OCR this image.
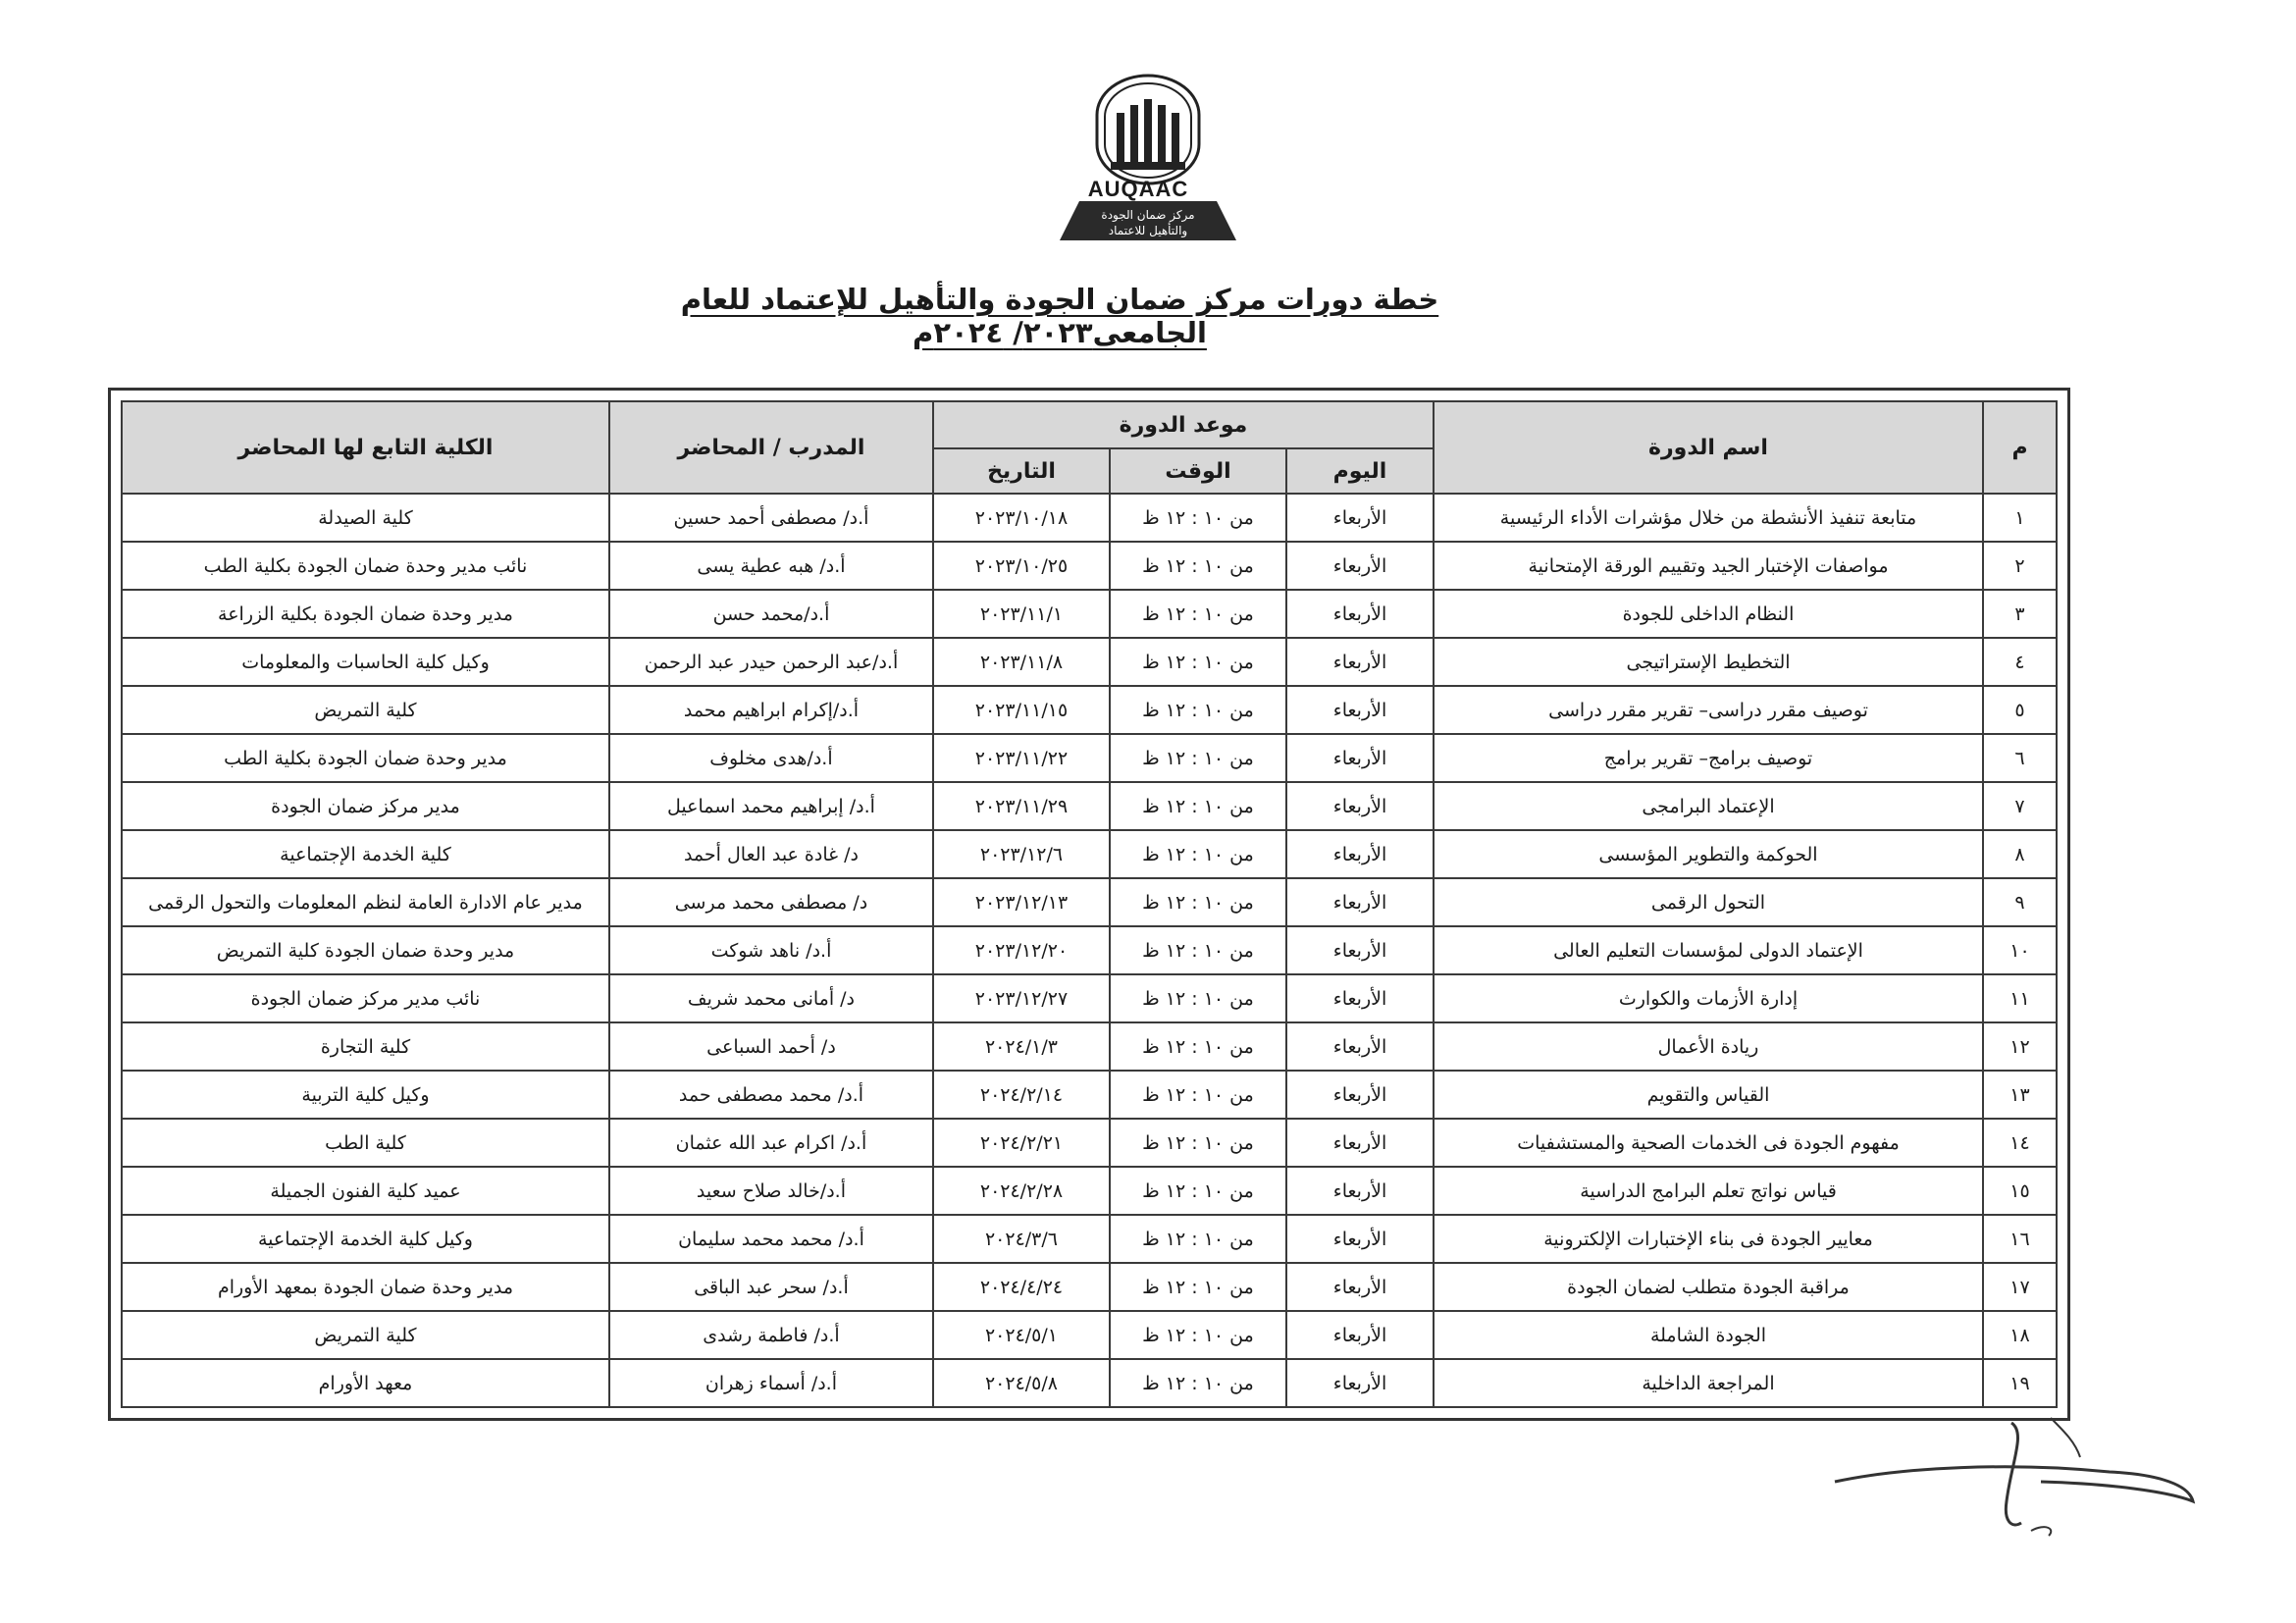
مركز ضمان الجودة
والتأهيل للاعتماد
AUQAAC
خطة دورات مركز ضمان الجودة والتأهيل للإعتماد للعام الجامعى٢٠٢٣/ ٢٠٢٤م
م	اسم الدورة	موعد الدورة			المدرب / المحاضر	الكلية التابع لها المحاضر
		اليوم	الوقت	التاريخ		
١	متابعة تنفيذ الأنشطة من خلال مؤشرات الأداء الرئيسية	الأربعاء	من ١٠ : ١٢ ظ	٢٠٢٣/١٠/١٨	أ.د/ مصطفى أحمد حسين	كلية الصيدلة
٢	مواصفات الإختبار الجيد وتقييم الورقة الإمتحانية	الأربعاء	من ١٠ : ١٢ ظ	٢٠٢٣/١٠/٢٥	أ.د/ هبه عطية يسى	نائب مدير وحدة ضمان الجودة بكلية الطب
٣	النظام الداخلى للجودة	الأربعاء	من ١٠ : ١٢ ظ	٢٠٢٣/١١/١	أ.د/محمد حسن	مدير وحدة ضمان الجودة بكلية الزراعة
٤	التخطيط الإستراتيجى	الأربعاء	من ١٠ : ١٢ ظ	٢٠٢٣/١١/٨	أ.د/عبد الرحمن حيدر عبد الرحمن	وكيل كلية الحاسبات والمعلومات
٥	توصيف مقرر دراسى– تقرير مقرر دراسى	الأربعاء	من ١٠ : ١٢ ظ	٢٠٢٣/١١/١٥	أ.د/إكرام ابراهيم محمد	كلية التمريض
٦	توصيف برامج– تقرير برامج	الأربعاء	من ١٠ : ١٢ ظ	٢٠٢٣/١١/٢٢	أ.د/هدى مخلوف	مدير وحدة ضمان الجودة بكلية الطب
٧	الإعتماد البرامجى	الأربعاء	من ١٠ : ١٢ ظ	٢٠٢٣/١١/٢٩	أ.د/ إبراهيم محمد اسماعيل	مدير مركز ضمان الجودة
٨	الحوكمة والتطوير المؤسسى	الأربعاء	من ١٠ : ١٢ ظ	٢٠٢٣/١٢/٦	د/ غادة عبد العال أحمد	كلية الخدمة الإجتماعية
٩	التحول الرقمى	الأربعاء	من ١٠ : ١٢ ظ	٢٠٢٣/١٢/١٣	د/ مصطفى محمد مرسى	مدير عام الادارة العامة لنظم المعلومات والتحول الرقمى
١٠	الإعتماد الدولى لمؤسسات التعليم العالى	الأربعاء	من ١٠ : ١٢ ظ	٢٠٢٣/١٢/٢٠	أ.د/ ناهد شوكت	مدير وحدة ضمان الجودة كلية التمريض
١١	إدارة الأزمات والكوارث	الأربعاء	من ١٠ : ١٢ ظ	٢٠٢٣/١٢/٢٧	د/ أمانى محمد شريف	نائب مدير مركز ضمان الجودة
١٢	ريادة الأعمال	الأربعاء	من ١٠ : ١٢ ظ	٢٠٢٤/١/٣	د/ أحمد السباعى	كلية التجارة
١٣	القياس والتقويم	الأربعاء	من ١٠ : ١٢ ظ	٢٠٢٤/٢/١٤	أ.د/ محمد مصطفى حمد	وكيل كلية التربية
١٤	مفهوم الجودة فى الخدمات الصحية والمستشفيات	الأربعاء	من ١٠ : ١٢ ظ	٢٠٢٤/٢/٢١	أ.د/ اكرام عبد الله عثمان	كلية الطب
١٥	قياس نواتج تعلم البرامج الدراسية	الأربعاء	من ١٠ : ١٢ ظ	٢٠٢٤/٢/٢٨	أ.د/خالد صلاح سعيد	عميد كلية الفنون الجميلة
١٦	معايير الجودة فى بناء الإختبارات الإلكترونية	الأربعاء	من ١٠ : ١٢ ظ	٢٠٢٤/٣/٦	أ.د/ محمد محمد سليمان	وكيل كلية الخدمة الإجتماعية
١٧	مراقبة الجودة متطلب لضمان الجودة	الأربعاء	من ١٠ : ١٢ ظ	٢٠٢٤/٤/٢٤	أ.د/ سحر عبد الباقى	مدير وحدة ضمان الجودة بمعهد الأورام
١٨	الجودة الشاملة	الأربعاء	من ١٠ : ١٢ ظ	٢٠٢٤/٥/١	أ.د/ فاطمة رشدى	كلية التمريض
١٩	المراجعة الداخلية	الأربعاء	من ١٠ : ١٢ ظ	٢٠٢٤/٥/٨	أ.د/ أسماء زهران	معهد الأورام
